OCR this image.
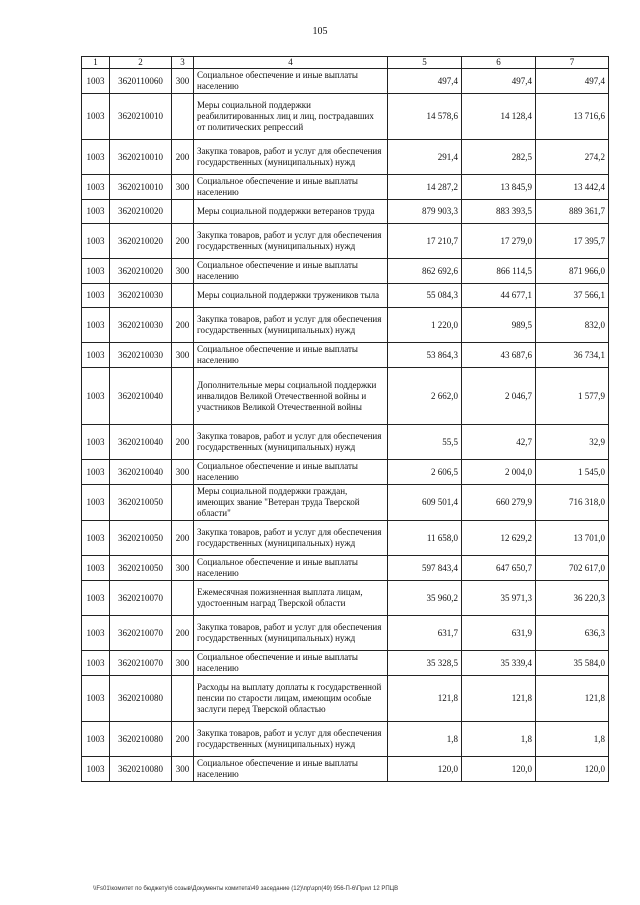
105
1	2	3	4	5	6	7
1003	3620110060	300	Социальное обеспечение и иные выплаты населению	497,4	497,4	497,4
1003	3620210010		Меры социальной поддержки реабилитированных лиц и лиц, пострадавших от политических репрессий	14 578,6	14 128,4	13 716,6
1003	3620210010	200	Закупка товаров, работ и услуг для обеспечения государственных (муниципальных) нужд	291,4	282,5	274,2
1003	3620210010	300	Социальное обеспечение и иные выплаты населению	14 287,2	13 845,9	13 442,4
1003	3620210020		Меры социальной поддержки ветеранов труда	879 903,3	883 393,5	889 361,7
1003	3620210020	200	Закупка товаров, работ и услуг для обеспечения государственных (муниципальных) нужд	17 210,7	17 279,0	17 395,7
1003	3620210020	300	Социальное обеспечение и иные выплаты населению	862 692,6	866 114,5	871 966,0
1003	3620210030		Меры социальной поддержки тружеников тыла	55 084,3	44 677,1	37 566,1
1003	3620210030	200	Закупка товаров, работ и услуг для обеспечения государственных (муниципальных) нужд	1 220,0	989,5	832,0
1003	3620210030	300	Социальное обеспечение и иные выплаты населению	53 864,3	43 687,6	36 734,1
1003	3620210040		Дополнительные меры социальной поддержки инвалидов Великой Отечественной войны и участников Великой Отечественной войны	2 662,0	2 046,7	1 577,9
1003	3620210040	200	Закупка товаров, работ и услуг для обеспечения государственных (муниципальных) нужд	55,5	42,7	32,9
1003	3620210040	300	Социальное обеспечение и иные выплаты населению	2 606,5	2 004,0	1 545,0
1003	3620210050		Меры социальной поддержки граждан, имеющих звание "Ветеран труда Тверской области"	609 501,4	660 279,9	716 318,0
1003	3620210050	200	Закупка товаров, работ и услуг для обеспечения государственных (муниципальных) нужд	11 658,0	12 629,2	13 701,0
1003	3620210050	300	Социальное обеспечение и иные выплаты населению	597 843,4	647 650,7	702 617,0
1003	3620210070		Ежемесячная пожизненная выплата лицам, удостоенным наград Тверской области	35 960,2	35 971,3	36 220,3
1003	3620210070	200	Закупка товаров, работ и услуг для обеспечения государственных (муниципальных) нужд	631,7	631,9	636,3
1003	3620210070	300	Социальное обеспечение и иные выплаты населению	35 328,5	35 339,4	35 584,0
1003	3620210080		Расходы на выплату доплаты к государственной пенсии по старости лицам, имеющим особые заслуги перед Тверской областью	121,8	121,8	121,8
1003	3620210080	200	Закупка товаров, работ и услуг для обеспечения государственных (муниципальных) нужд	1,8	1,8	1,8
1003	3620210080	300	Социальное обеспечение и иные выплаты населению	120,0	120,0	120,0
\\Fs01\комитет по бюджету\6 созыв\Документы комитета\49 заседание (12)\пр\зрп(49) 956-П-6\Прил 12 РПЦВ
